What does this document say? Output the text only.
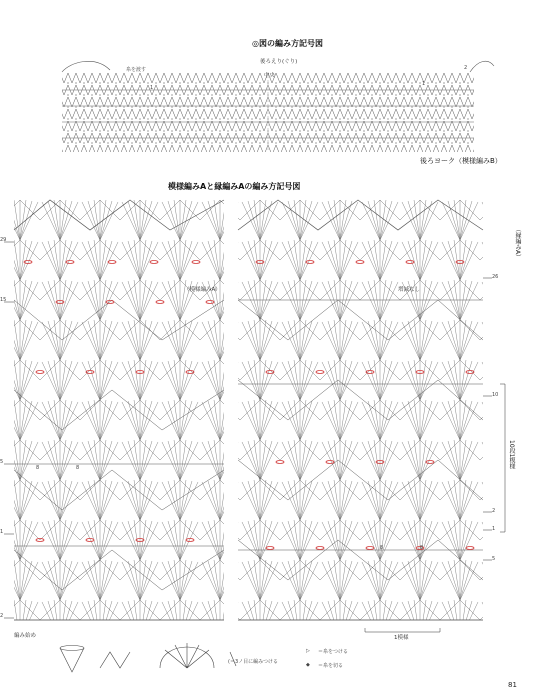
◎図の編み方記号図
後ろえり(ぐり)
中央
糸を渡す
1
1
2
後ろヨーク（模様編みB）
模様編みAと縁編みAの編み方記号図
（模様編みA）	増減なし
（縁編みA）
10段1模様
29
15
5
1
2
26
10
2
1
5
8	8
8	8
編み始め	1模様
(＝3ノ目に編みつける
＝糸をつける
＝糸を切る
▷
◆
81
